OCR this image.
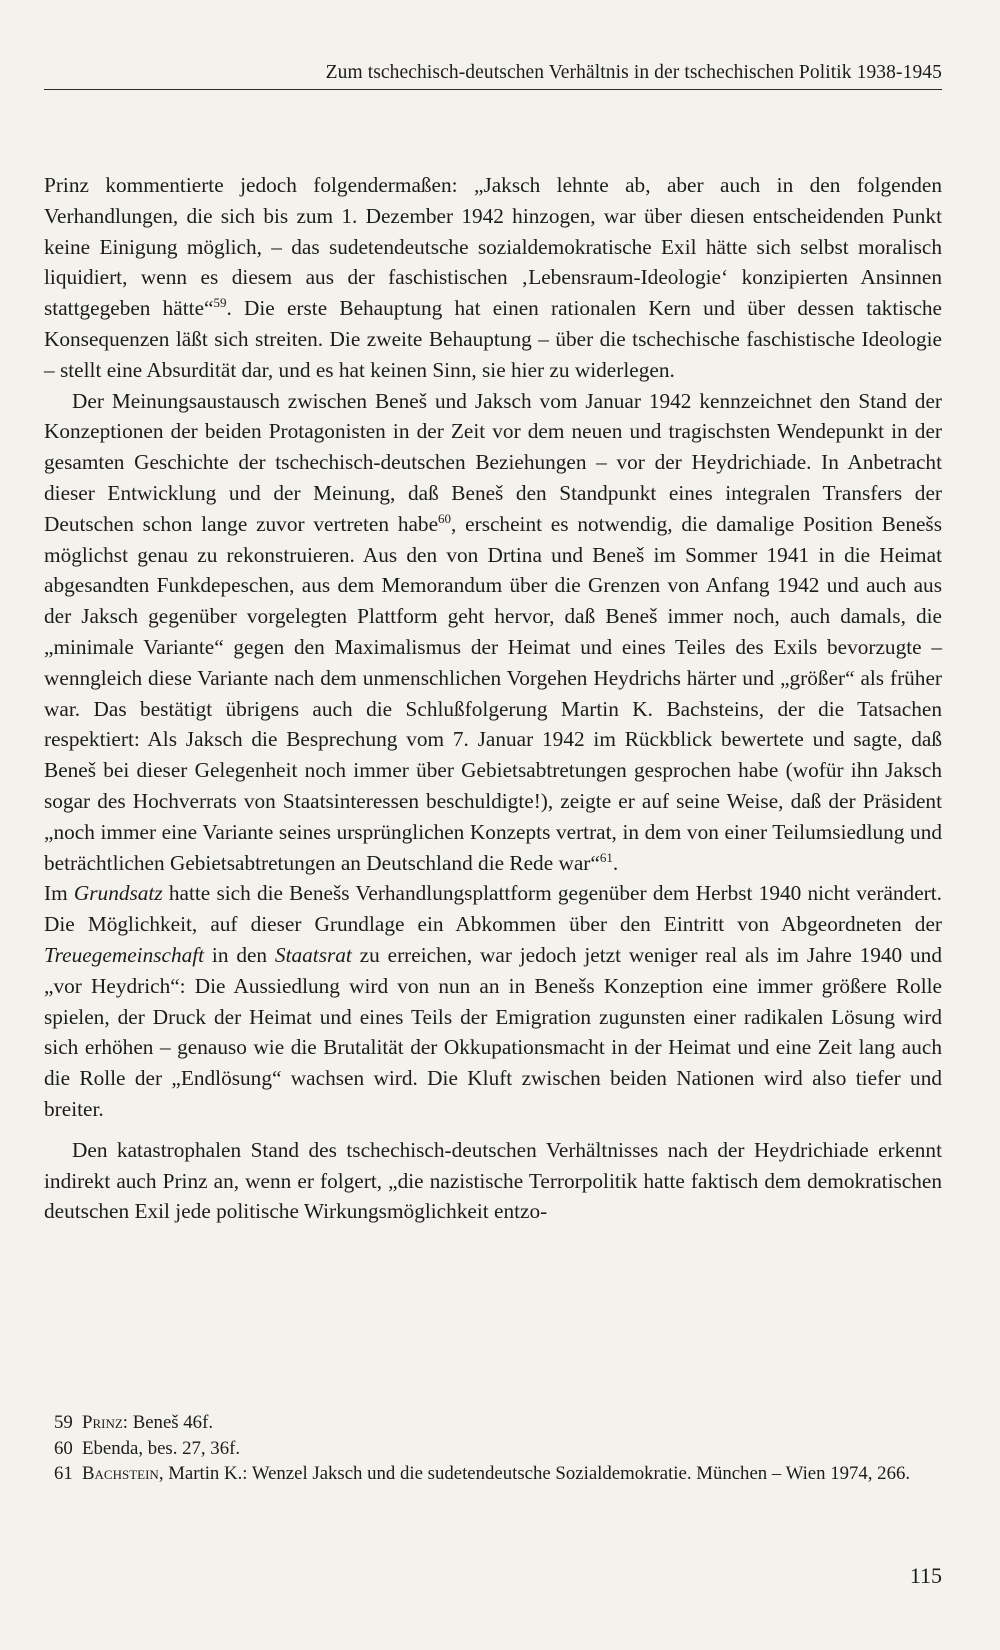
Zum tschechisch-deutschen Verhältnis in der tschechischen Politik 1938-1945

Prinz kommentierte jedoch folgendermaßen: „Jaksch lehnte ab, aber auch in den folgenden Verhandlungen, die sich bis zum 1. Dezember 1942 hinzogen, war über diesen entscheidenden Punkt keine Einigung möglich, – das sudetendeutsche sozialdemokratische Exil hätte sich selbst moralisch liquidiert, wenn es diesem aus der faschistischen ‚Lebensraum-Ideologie‘ konzipierten Ansinnen stattgegeben hätte“$^{59}$. Die erste Behauptung hat einen rationalen Kern und über dessen taktische Konsequenzen läßt sich streiten. Die zweite Behauptung – über die tschechische faschistische Ideologie – stellt eine Absurdität dar, und es hat keinen Sinn, sie hier zu widerlegen.

Der Meinungsaustausch zwischen Beneš und Jaksch vom Januar 1942 kennzeichnet den Stand der Konzeptionen der beiden Protagonisten in der Zeit vor dem neuen und tragischsten Wendepunkt in der gesamten Geschichte der tschechisch-deutschen Beziehungen – vor der Heydrichiade. In Anbetracht dieser Entwicklung und der Meinung, daß Beneš den Standpunkt eines integralen Transfers der Deutschen schon lange zuvor vertreten habe$^{60}$, erscheint es notwendig, die damalige Position Benešs möglichst genau zu rekonstruieren. Aus den von Drtina und Beneš im Sommer 1941 in die Heimat abgesandten Funkdepeschen, aus dem Memorandum über die Grenzen von Anfang 1942 und auch aus der Jaksch gegenüber vorgelegten Plattform geht hervor, daß Beneš immer noch, auch damals, die „minimale Variante“ gegen den Maximalismus der Heimat und eines Teiles des Exils bevorzugte – wenngleich diese Variante nach dem unmenschlichen Vorgehen Heydrichs härter und „größer“ als früher war. Das bestätigt übrigens auch die Schlußfolgerung Martin K. Bachsteins, der die Tatsachen respektiert: Als Jaksch die Besprechung vom 7. Januar 1942 im Rückblick bewertete und sagte, daß Beneš bei dieser Gelegenheit noch immer über Gebietsabtretungen gesprochen habe (wofür ihn Jaksch sogar des Hochverrats von Staatsinteressen beschuldigte!), zeigte er auf seine Weise, daß der Präsident „noch immer eine Variante seines ursprünglichen Konzepts vertrat, in dem von einer Teilumsiedlung und beträchtlichen Gebietsabtretungen an Deutschland die Rede war“$^{61}$.

Im Grundsatz hatte sich die Benešs Verhandlungsplattform gegenüber dem Herbst 1940 nicht verändert. Die Möglichkeit, auf dieser Grundlage ein Abkommen über den Eintritt von Abgeordneten der Treuegemeinschaft in den Staatsrat zu erreichen, war jedoch jetzt weniger real als im Jahre 1940 und „vor Heydrich“: Die Aussiedlung wird von nun an in Benešs Konzeption eine immer größere Rolle spielen, der Druck der Heimat und eines Teils der Emigration zugunsten einer radikalen Lösung wird sich erhöhen – genauso wie die Brutalität der Okkupationsmacht in der Heimat und eine Zeit lang auch die Rolle der „Endlösung“ wachsen wird. Die Kluft zwischen beiden Nationen wird also tiefer und breiter.

Den katastrophalen Stand des tschechisch-deutschen Verhältnisses nach der Heydrichiade erkennt indirekt auch Prinz an, wenn er folgert, „die nazistische Terrorpolitik hatte faktisch dem demokratischen deutschen Exil jede politische Wirkungsmöglichkeit entzo-

59 Prinz: Beneš 46f.
60 Ebenda, bes. 27, 36f.
61 Bachstein, Martin K.: Wenzel Jaksch und die sudetendeutsche Sozialdemokratie. München – Wien 1974, 266.
115
